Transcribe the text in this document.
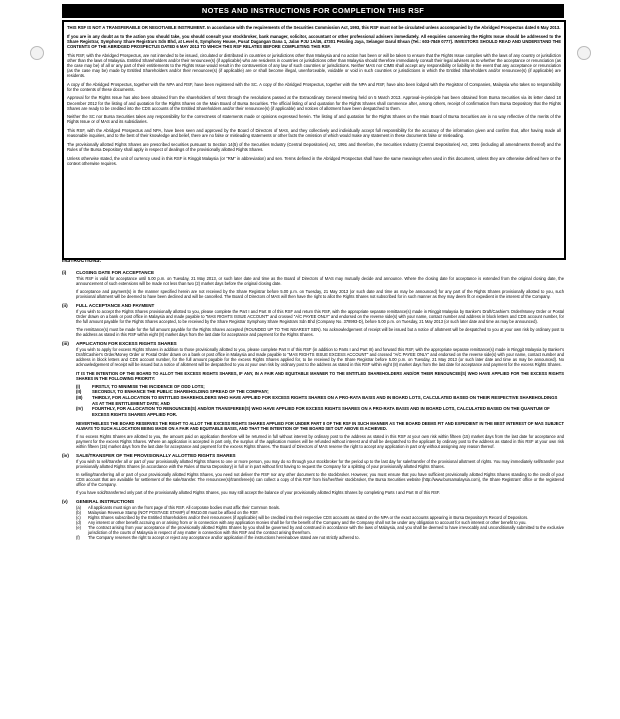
NOTES AND INSTRUCTIONS FOR COMPLETION THIS RSF

THIS RSF IS NOT A TRANSFERABLE OR NEGOTIABLE INSTRUMENT. In accordance with the requirements of the Securities Commission Act, 1993, this RSF must not be circulated unless accompanied by the Abridged Prospectus dated 6 May 2013.

If you are in any doubt as to the action you should take, you should consult your stockbroker, bank manager, solicitor, accountant or other professional advisers immediately. All enquiries concerning the Rights Issue should be addressed to the Share Registrar, Symphony Share Registrars Sdn Bhd, at Level 6, Symphony House, Pusat Dagangan Dana 1, Jalan PJU 1A/46, 47301 Petaling Jaya, Selangor Darul Ehsan (Tel.: 603-7849 0777). INVESTORS SHOULD READ AND UNDERSTAND THE CONTENTS OF THE ABRIDGED PROSPECTUS DATED 6 MAY 2013 TO WHICH THIS RSF RELATES BEFORE COMPLETING THIS RSF.

This RSF, with the Abridged Prospectus, are not intended to be issued, circulated or distributed in countries or jurisdictions other than Malaysia and no action has been or will be taken to ensure that the Rights Issue complies with the laws of any country or jurisdiction other than the laws of Malaysia. Entitled Shareholders and/or their renouncee(s) (if applicable) who are residents in countries or jurisdictions other than Malaysia should therefore immediately consult their legal advisers as to whether the acceptance or renunciation (as the case may be) of all or any part of their entitlements to the Rights Issue would result in the contravention of any law of such countries or jurisdictions. Neither MAS nor CIMB shall accept any responsibility or liability in the event that any acceptance or renunciation (as the case may be) made by Entitled Shareholders and/or their renouncee(s) (if applicable) are or shall become illegal, unenforceable, voidable or void in such countries or jurisdictions in which the Entitled Shareholders and/or renouncee(s) (if applicable) are residents.

A copy of the Abridged Prospectus, together with the NPA and RSF, have been registered with the SC. A copy of the Abridged Prospectus, together with the NPA and RSF, have also been lodged with the Registrar of Companies, Malaysia who takes no responsibility for the contents of these documents.

Approval for the Rights Issue has also been obtained from the shareholders of MAS through the resolutions passed at the Extraordinary General Meeting held on 5 March 2013. Approval-in-principle has been obtained from Bursa Securities via its letter dated 18 December 2012 for the listing of and quotation for the Rights Shares on the Main Board of Bursa Securities. The official listing of and quotation for the Rights Shares shall commence after, among others, receipt of confirmation from Bursa Depository that the Rights Shares are ready to be credited into the CDS accounts of the Entitled Shareholders and/or their renouncee(s) (if applicable) and notices of allotment have been despatched to them.

Neither the SC nor Bursa Securities takes any responsibility for the correctness of statements made or opinions expressed herein. The listing of and quotation for the Rights Shares on the Main Board of Bursa Securities are in no way reflective of the merits of the Rights Issue or of MAS and its subsidiaries.

This RSF, with the Abridged Prospectus and NPA, have been seen and approved by the Board of Directors of MAS, and they collectively and individually accept full responsibility for the accuracy of the information given and confirm that, after having made all reasonable inquiries, and to the best of their knowledge and belief, there are no false or misleading statements or other facts the omission of which would make any statement in these documents false or misleading.

The provisionally allotted Rights Shares are prescribed securities pursuant to Section 14(5) of the Securities Industry (Central Depositories) Act, 1991 and therefore, the Securities Industry (Central Depositories) Act, 1991 (including all amendments thereof) and the Rules of the Bursa Depository shall apply in respect of dealings of the provisionally allotted Rights Shares.

Unless otherwise stated, the unit of currency used in this RSF is Ringgit Malaysia (or "RM" in abbreviation) and sen. Terms defined in the Abridged Prospectus shall have the same meanings when used in this document, unless they are otherwise defined here or the context otherwise requires.

INSTRUCTIONS:
(i)	CLOSING DATE FOR ACCEPTANCE

This RSF is valid for acceptance until 5.00 p.m. on Tuesday, 21 May 2013, or such later date and time as the Board of Directors of MAS may mutually decide and announce. Where the closing date for acceptance is extended from the original closing date, the announcement of such extensions will be made not less than two (2) market days before the original closing date.

If acceptance and payment(s) in the manner specified herein are not received by the Share Registrar before 5.00 p.m. on Tuesday, 21 May 2013 (or such date and time as may be announced) for any part of the Rights Shares provisionally allotted to you, such provisional allotment will be deemed to have been declined and will be cancelled. The Board of Directors of MAS will then have the right to allot the Rights Shares not subscribed for in such manner as they may deem fit or expedient in the interest of the Company.

(ii)	FULL ACCEPTANCE AND PAYMENT

If you wish to accept the Rights Shares provisionally allotted to you, please complete the Part I and Part III of this RSF and return this RSF, with the appropriate separate remittance(s) made in Ringgit Malaysia by Banker's Draft/Cashier's Order/Money Order or Postal Order drawn on a bank or post office in Malaysia and made payable to "MAS RIGHTS ISSUE ACCOUNT" and crossed "A/C PAYEE ONLY" and endorsed on the reverse side(s) with your name, contact number and address in block letters and CDS account number, for the full amount payable for the Rights Shares accepted, to be received by the Share Registrar Symphony Share Registrars Sdn Bhd (Company No. 378993-D), before 5.00 p.m. on Tuesday, 21 May 2013 (or such later date and time as may be announced).

The remittance(s) must be made for the full amount payable for the Rights Shares accepted (ROUNDED UP TO THE NEAREST SEN). No acknowledgement of receipt will be issued but a notice of allotment will be despatched to you at your own risk by ordinary post to the address as stated in this RSF within eight (8) market days from the last date for acceptance and payment for the Rights Shares.

(iii)	APPLICATION FOR EXCESS RIGHTS SHARES

If you wish to apply for excess Rights Shares in addition to those provisionally allotted to you, please complete Part II of this RSF (in addition to Parts I and Part III) and forward this RSF, with the appropriate separate remittance(s) made in Ringgit Malaysia by Banker's Draft/Cashier's Order/Money Order or Postal Order drawn on a bank or post office in Malaysia and made payable to "MAS RIGHTS ISSUE EXCESS ACCOUNT" and crossed "A/C PAYEE ONLY" and endorsed on the reverse side(s) with your name, contact number and address in block letters and CDS account number, for the full amount payable for the excess Rights Shares applied for, to be received by the Share Registrar before 5.00 p.m. on Tuesday, 21 May 2013 (or such later date and time as may be announced). No acknowledgement of receipt will be issued but a notice of allotment will be despatched to you at your own risk by ordinary post to the address as stated in this RSF within eight (8) market days from the last date for acceptance and payment for the excess Rights Shares.

IT IS THE INTENTION OF THE BOARD TO ALLOT THE EXCESS RIGHTS SHARES, IF ANY, IN A FAIR AND EQUITABLE MANNER TO THE ENTITLED SHAREHOLDERS AND/OR THEIR RENOUNCEE(S) WHO HAVE APPLIED FOR THE EXCESS RIGHTS SHARES IN THE FOLLOWING PRIORITY:

(I)	FIRSTLY, TO MINIMISE THE INCIDENCE OF ODD LOTS;
(II)	SECONDLY, TO ENHANCE THE PUBLIC SHAREHOLDING SPREAD OF THE COMPANY;
(III)	THIRDLY, FOR ALLOCATION TO ENTITLED SHAREHOLDERS WHO HAVE APPLIED FOR EXCESS RIGHTS SHARES ON A PRO-RATA BASIS AND IN BOARD LOTS, CALCULATED BASED ON THEIR RESPECTIVE SHAREHOLDINGS AS AT THE ENTITLEMENT DATE; AND
(IV)	FOURTHLY, FOR ALLOCATION TO RENOUNCEE(S) AND/OR TRANSFEREE(S) WHO HAVE APPLIED FOR EXCESS RIGHTS SHARES ON A PRO-RATA BASIS AND IN BOARD LOTS, CALCULATED BASED ON THE QUANTUM OF EXCESS RIGHTS SHARES APPLIED FOR.

NEVERTHELESS THE BOARD RESERVES THE RIGHT TO ALLOT THE EXCESS RIGHTS SHARES APPLIED FOR UNDER PART II OF THE RSF IN SUCH MANNER AS THE BOARD DEEMS FIT AND EXPEDIENT IN THE BEST INTEREST OF MAS SUBJECT ALWAYS TO SUCH ALLOCATION BEING MADE ON A FAIR AND EQUITABLE BASIS, AND THAT THE INTENTION OF THE BOARD SET OUT ABOVE IS ACHIEVED.

If no excess Rights Shares are allotted to you, the amount paid on application therefore will be returned in full without interest by ordinary post to the address as stated in this RSF at your own risk within fifteen (15) market days from the last date for acceptance and payment for the excess Rights Shares. Where an application is accepted in part only, the surplus of the application monies will be refunded without interest and shall be despatched to the applicant by ordinary post to the address as stated in this RSF at your own risk within fifteen (15) market days from the last date for acceptance and payment for the excess Rights Shares. The Board of Directors of MAS reserve the right to accept any application in part only without assigning any reason thereof.

(iv)	SALE/TRANSFER OF THE PROVISIONALLY ALLOTTED RIGHTS SHARES

If you wish to sell/transfer all or part of your provisionally allotted Rights Shares to one or more person, you may do so through your stockbroker for the period up to the last day for sale/transfer of the provisional allotment of rights. You may immediately sell/transfer your provisionally allotted Rights Shares (in accordance with the Rules of Bursa Depository) in full or in part without first having to request the Company for a splitting of your provisionally allotted Rights Shares.

In selling/transferring all or part of your provisionally allotted Rights Shares, you need not deliver the RSF nor any other document to the stockbroker. However, you must ensure that you have sufficient provisionally allotted Rights Shares standing to the credit of your CDS account that are available for settlement of the sale/transfer. The renouncee(s)/transferee(s) can collect a copy of this RSF from his/her/their stockbroker, the Bursa Securities website (http://www.bursamalaysia.com), the Share Registrars' office or the registered office of the Company.

If you have sold/transferred only part of the provisionally allotted Rights Shares, you may still accept the balance of your provisionally allotted Rights Shares by completing Parts I and Part III of this RSF.

(v)	GENERAL INSTRUCTIONS
(a)	All applicants must sign on the front page of this RSF. All corporate bodies must affix their Common Seals.
(b)	Malaysian Revenue Stamp (NOT POSTAGE STAMP) of RM10.00 must be affixed on the RSF.
(c)	Rights Shares subscribed by the Entitled Shareholders and/or their renouncees (if applicable) will be credited into their respective CDS accounts as stated on the NPA or the exact accounts appearing in Bursa Depository's Record of Depositors.
(d)	Any interest or other benefit accruing on or arising from or in connection with any application monies shall be for the benefit of the Company and the Company shall not be under any obligation to account for such interest or other benefit to you.
(e)	The contract arising from your acceptance of the provisionally allotted Rights Shares by you shall be governed by and construed in accordance with the laws of Malaysia, and you shall be deemed to have irrevocably and unconditionally submitted to the exclusive jurisdiction of the courts of Malaysia in respect of any matter in connection with this RSF and the contract arising therefrom.
(f)	The Company reserves the right to accept or reject any acceptance and/or application if the instructions hereinabove stated are not strictly adhered to.
